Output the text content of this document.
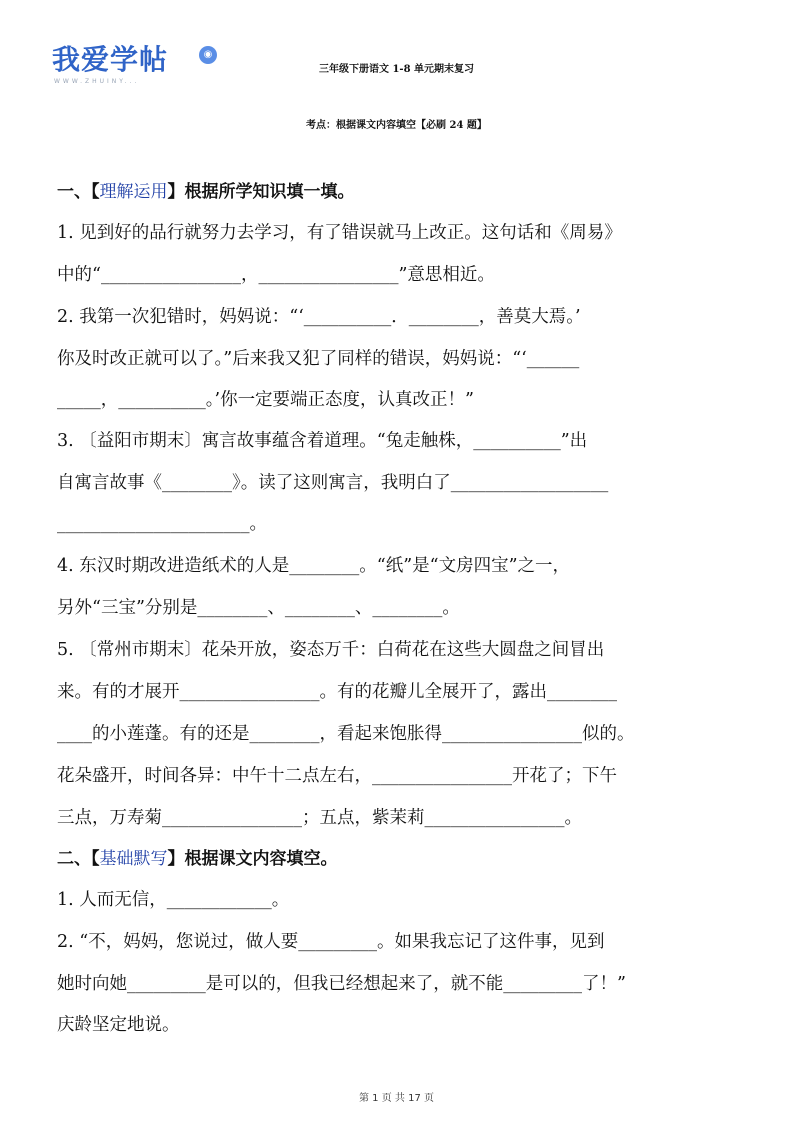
我爱学帖	◉
WWW.ZHUINY...
三年级下册语文 1-8 单元期末复习
考点：根据课文内容填空【必刷 24 题】
一、【理解运用】根据所学知识填一填。
1. 见到好的品行就努力去学习，有了错误就马上改正。这句话和《周易》
中的“________________，________________”意思相近。
2. 我第一次犯错时，妈妈说：“‘__________．________，善莫大焉。’
你及时改正就可以了。”后来我又犯了同样的错误，妈妈说：“‘______
_____，__________。’你一定要端正态度，认真改正！”
3. 〔益阳市期末〕寓言故事蕴含着道理。“兔走触株，__________”出
自寓言故事《________》。读了这则寓言，我明白了__________________
______________________。
4. 东汉时期改进造纸术的人是________。“纸”是“文房四宝”之一，
另外“三宝”分别是________、________、________。
5. 〔常州市期末〕花朵开放，姿态万千：白荷花在这些大圆盘之间冒出
来。有的才展开________________。有的花瓣儿全展开了，露出________
____的小莲蓬。有的还是________，看起来饱胀得________________似的。
花朵盛开，时间各异：中午十二点左右，________________开花了；下午
三点，万寿菊________________；五点，紫茉莉________________。
二、【基础默写】根据课文内容填空。
1. 人而无信，____________。
2. “不，妈妈，您说过，做人要_________。如果我忘记了这件事，见到
她时向她_________是可以的，但我已经想起来了，就不能_________了！”
庆龄坚定地说。
第 1 页 共 17 页
